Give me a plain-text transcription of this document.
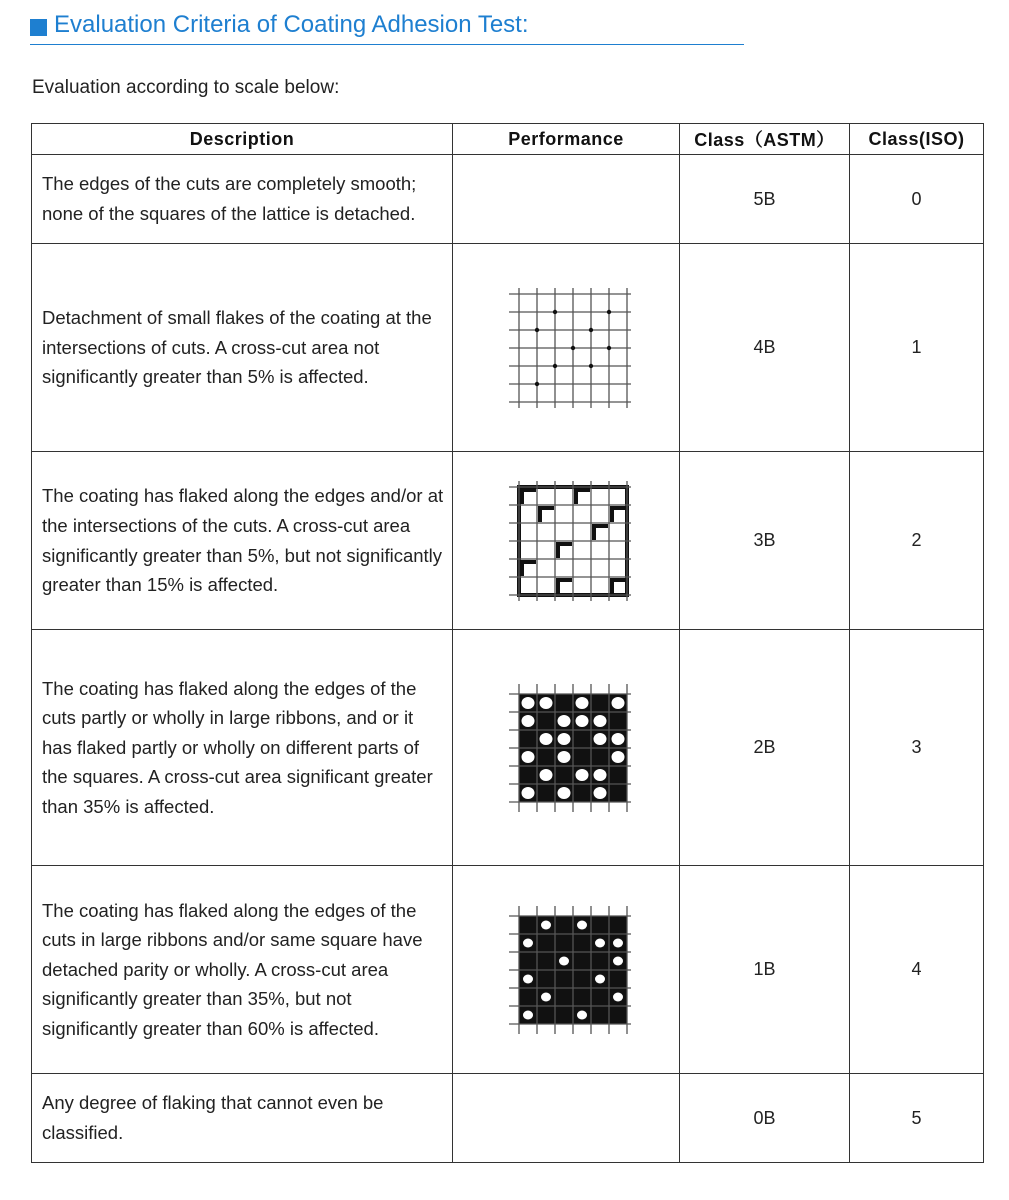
Evaluation Criteria of Coating Adhesion Test:
Evaluation according to scale below:
Description	Performance	Class（ASTM）	Class(ISO)
The edges of the cuts are completely smooth; none of the squares of the lattice is detached.		5B	0
Detachment of small flakes of the coating at the intersections of cuts. A cross-cut area not significantly greater than 5% is affected.		4B	1
The coating has flaked along the edges and/or at the intersections of the cuts. A cross-cut area significantly greater than 5%, but not significantly greater than 15% is affected.		3B	2
The coating has flaked along the edges of the cuts partly or wholly in large ribbons, and or it has flaked partly or wholly on different parts of the squares. A cross-cut area significant greater than 35% is affected.		2B	3
The coating has flaked along the edges of the cuts in large ribbons and/or same square have detached parity or wholly. A cross-cut area significantly greater than 35%, but not significantly greater than 60% is affected.		1B	4
Any degree of flaking that cannot even be classified.		0B	5
